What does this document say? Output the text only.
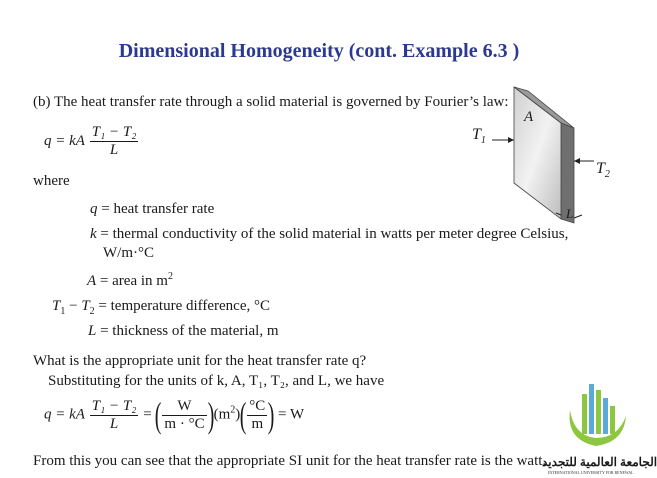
Dimensional Homogeneity (cont. Example 6.3 )
(b) The heat transfer rate through a solid material is governed by Fourier’s law:
q = kA $\frac{\text{T₁ − T₂}}{L}$
where
q = heat transfer rate
k = thermal conductivity of the solid material in watts per meter degree Celsius,
W/m·°C
A = area in $m^2$
$T_1 - T_2$ = temperature difference, °C
L = thickness of the material, m
What is the appropriate unit for the heat transfer rate q?
Substituting for the units of k, A, T₁, T₂, and L, we have
q = kA $\frac{\text{T₁ − T₂}}{L}$ = ( $\frac{W}{m \cdot ^\circ C} )(m^2)( \frac{^\circ C}{m}$ ) = W
From this you can see that the appropriate SI unit for the heat transfer rate is the watt.
A
$T_1$
$T_2$
L
الجامعة العالمية للتجديد
INTERNATIONAL UNIVERSITY FOR RENEWAL
